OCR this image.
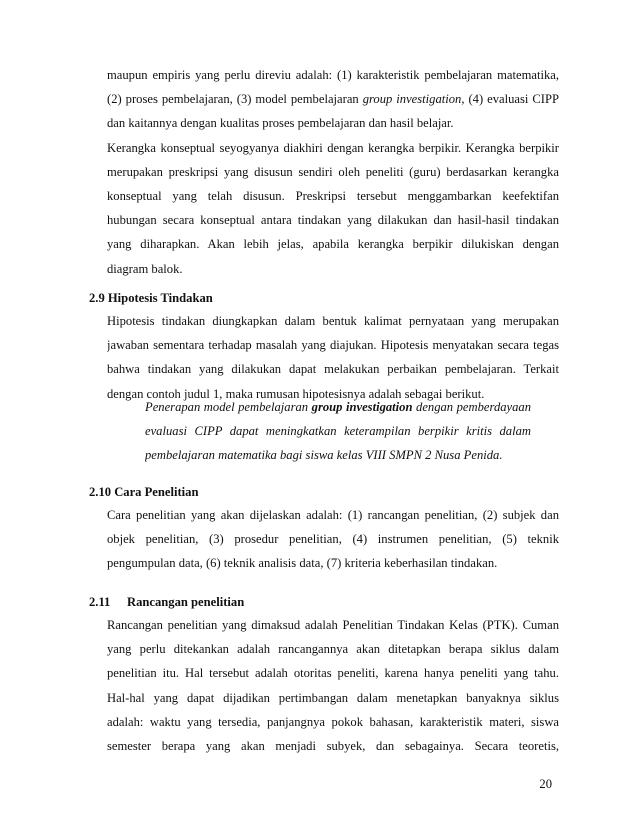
maupun empiris yang perlu direviu adalah: (1) karakteristik pembelajaran matematika,
(2) proses pembelajaran, (3) model pembelajaran group investigation, (4) evaluasi CIPP
dan kaitannya dengan kualitas proses pembelajaran dan hasil belajar.
Kerangka konseptual seyogyanya diakhiri dengan kerangka berpikir. Kerangka berpikir
merupakan preskripsi yang disusun sendiri oleh peneliti (guru) berdasarkan kerangka
konseptual yang telah disusun. Preskripsi tersebut menggambarkan keefektifan
hubungan secara konseptual antara tindakan yang dilakukan dan hasil-hasil tindakan
yang diharapkan. Akan lebih jelas, apabila kerangka berpikir dilukiskan dengan
diagram balok.
2.9 Hipotesis Tindakan
Hipotesis tindakan diungkapkan dalam bentuk kalimat pernyataan yang merupakan
jawaban sementara terhadap masalah yang diajukan. Hipotesis menyatakan secara tegas
bahwa tindakan yang dilakukan dapat melakukan perbaikan pembelajaran. Terkait
dengan contoh judul 1, maka rumusan hipotesisnya adalah sebagai berikut.
Penerapan model pembelajaran group investigation dengan pemberdayaan
evaluasi CIPP dapat meningkatkan keterampilan berpikir kritis dalam
pembelajaran matematika bagi siswa kelas VIII SMPN 2 Nusa Penida.
2.10 Cara Penelitian
Cara penelitian yang akan dijelaskan adalah: (1) rancangan penelitian, (2) subjek dan
objek penelitian, (3) prosedur penelitian, (4) instrumen penelitian, (5) teknik
pengumpulan data, (6) teknik analisis data, (7) kriteria keberhasilan tindakan.
2.11 Rancangan penelitian
Rancangan penelitian yang dimaksud adalah Penelitian Tindakan Kelas (PTK). Cuman
yang perlu ditekankan adalah rancangannya akan ditetapkan berapa siklus dalam
penelitian itu. Hal tersebut adalah otoritas peneliti, karena hanya peneliti yang tahu.
Hal-hal yang dapat dijadikan pertimbangan dalam menetapkan banyaknya siklus
adalah: waktu yang tersedia, panjangnya pokok bahasan, karakteristik materi, siswa
semester berapa yang akan menjadi subyek, dan sebagainya. Secara teoretis,
20
